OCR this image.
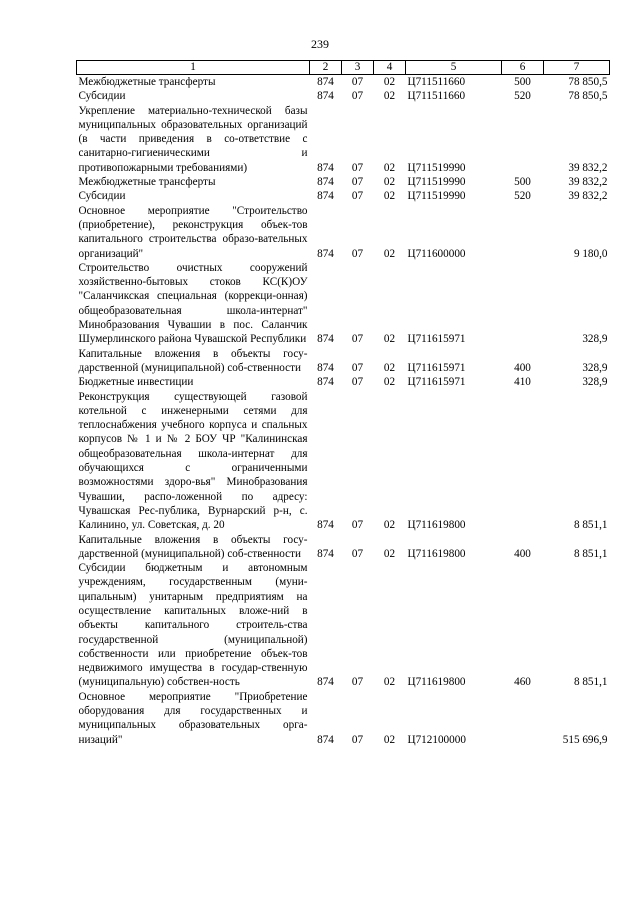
239
1	2	3	4	5	6	7
Межбюджетные трансферты	874	07	02	Ц711511660	500	78 850,5
Субсидии	874	07	02	Ц711511660	520	78 850,5
Укрепление материально-технической базы муниципальных образовательных организаций (в части приведения в со-ответствие с санитарно-гигиеническими и противопожарными требованиями)	874	07	02	Ц711519990		39 832,2
Межбюджетные трансферты	874	07	02	Ц711519990	500	39 832,2
Субсидии	874	07	02	Ц711519990	520	39 832,2
Основное мероприятие "Строительство (приобретение), реконструкция объек-тов капитального строительства образо-вательных организаций"	874	07	02	Ц711600000		9 180,0
Строительство очистных сооружений хозяйственно-бытовых стоков КС(К)ОУ "Саланчикская специальная (коррекци-онная) общеобразовательная школа-интернат" Минобразования Чувашии в пос. Саланчик Шумерлинского района Чувашской Республики	874	07	02	Ц711615971		328,9
Капитальные вложения в объекты госу-дарственной (муниципальной) соб-ственности	874	07	02	Ц711615971	400	328,9
Бюджетные инвестиции	874	07	02	Ц711615971	410	328,9
Реконструкция существующей газовой котельной с инженерными сетями для теплоснабжения учебного корпуса и спальных корпусов № 1 и № 2 БОУ ЧР "Калининская общеобразовательная школа-интернат для обучающихся с ограниченными возможностями здоро-вья" Минобразования Чувашии, распо-ложенной по адресу: Чувашская Рес-публика, Вурнарский р-н, с. Калинино, ул. Советская, д. 20	874	07	02	Ц711619800		8 851,1
Капитальные вложения в объекты госу-дарственной (муниципальной) соб-ственности	874	07	02	Ц711619800	400	8 851,1
Субсидии бюджетным и автономным учреждениям, государственным (муни-ципальным) унитарным предприятиям на осуществление капитальных вложе-ний в объекты капитального строитель-ства государственной (муниципальной) собственности или приобретение объек-тов недвижимого имущества в государ-ственную (муниципальную) собствен-ность	874	07	02	Ц711619800	460	8 851,1
Основное мероприятие "Приобретение оборудования для государственных и муниципальных образовательных орга-низаций"	874	07	02	Ц712100000		515 696,9
